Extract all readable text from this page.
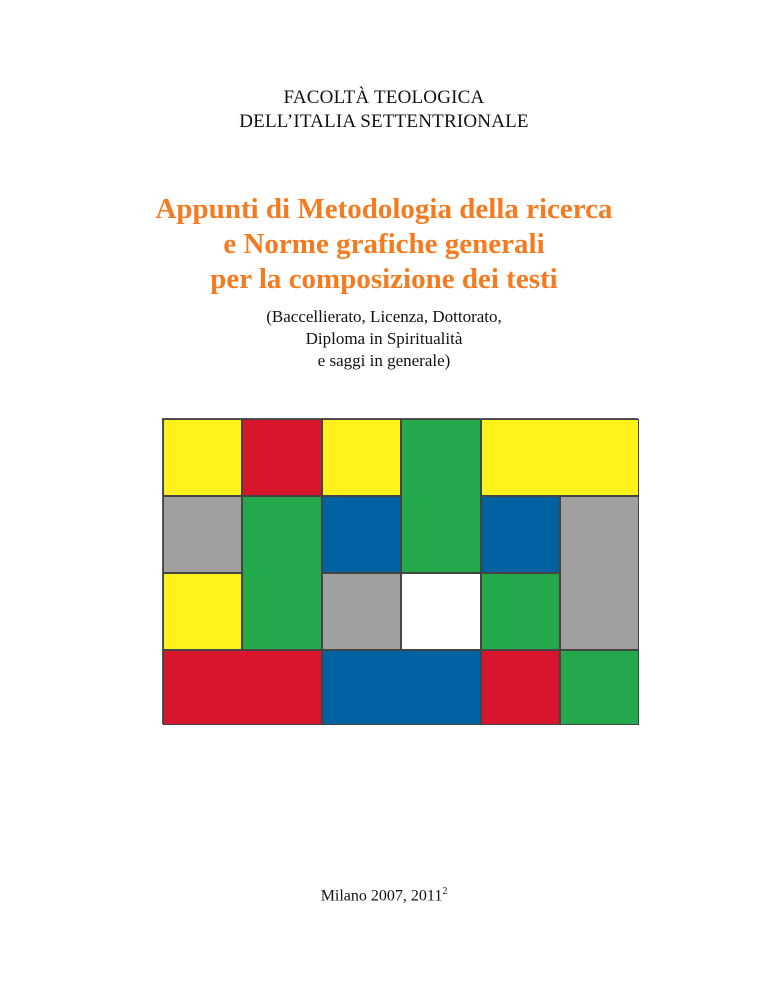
FACOLTÀ TEOLOGICA
DELL’ITALIA SETTENTRIONALE
Appunti di Metodologia della ricerca
e Norme grafiche generali
per la composizione dei testi
(Baccellierato, Licenza, Dottorato,
Diploma in Spiritualità
e saggi in generale)
Milano 2007, 2011$^2$
